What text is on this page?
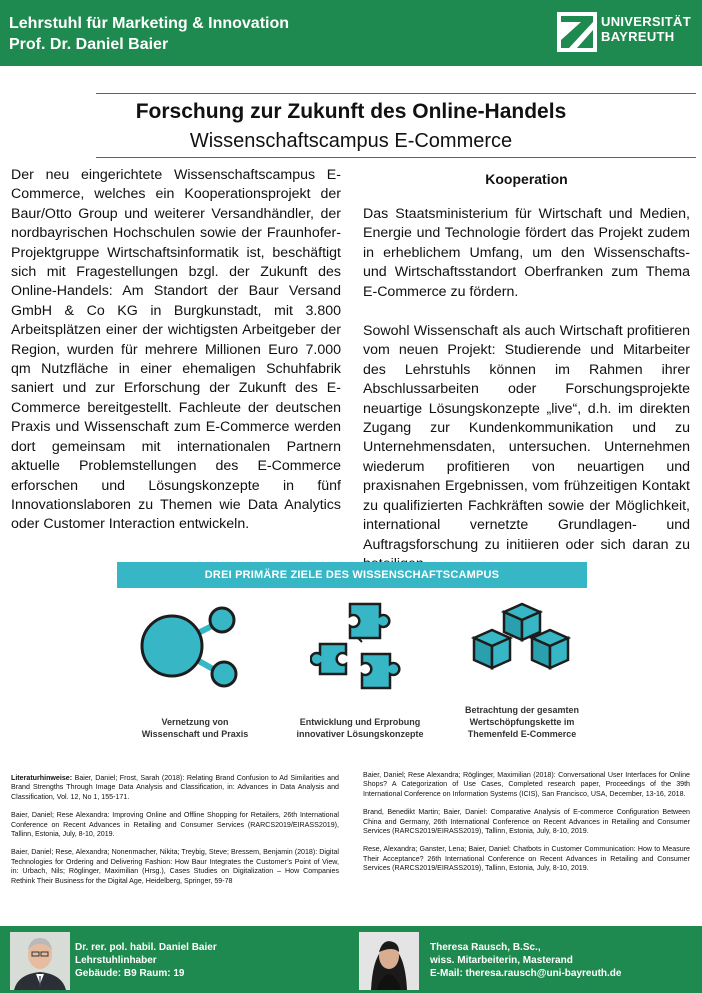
Lehrstuhl für Marketing & Innovation
Prof. Dr. Daniel Baier
UNIVERSITÄT
BAYREUTH
Forschung zur Zukunft des Online-Handels
Wissenschaftscampus E-Commerce
Der neu eingerichtete Wissenschaftscampus E-Commerce, welches ein Kooperationsprojekt der Baur/Otto Group und weiterer Versandhändler, der nordbayrischen Hochschulen sowie der Fraunhofer-Projektgruppe Wirtschaftsinformatik ist, beschäftigt sich mit Fragestellungen bzgl. der Zukunft des Online-Handels: Am Standort der Baur Versand GmbH & Co KG in Burgkunstadt, mit 3.800 Arbeitsplätzen einer der wichtigsten Arbeitgeber der Region, wurden für mehrere Millionen Euro 7.000 qm Nutzfläche in einer ehemaligen Schuhfabrik saniert und zur Erforschung der Zukunft des E-Commerce bereitgestellt. Fachleute der deutschen Praxis und Wissenschaft zum E-Commerce werden dort gemeinsam mit internationalen Partnern aktuelle Problemstellungen des E-Commerce erforschen und Lösungskonzepte in fünf Innovationslaboren zu Themen wie Data Analytics oder Customer Interaction entwickeln.
Kooperation

Das Staatsministerium für Wirtschaft und Medien, Energie und Technologie fördert das Projekt zudem in erheblichem Umfang, um den Wissenschafts- und Wirtschaftsstandort Oberfranken zum Thema E-Commerce zu fördern.

Sowohl Wissenschaft als auch Wirtschaft profitieren vom neuen Projekt: Studierende und Mitarbeiter des Lehrstuhls können im Rahmen ihrer Abschlussarbeiten oder Forschungsprojekte neuartige Lösungskonzepte „live“, d.h. im direkten Zugang zur Kundenkommunikation und zu Unternehmensdaten, untersuchen. Unternehmen wiederum profitieren von neuartigen und praxisnahen Ergebnissen, vom frühzeitigen Kontakt zu qualifizierten Fachkräften sowie der Möglichkeit, international vernetzte Grundlagen- und Auftragsforschung zu initiieren oder sich daran zu

DREI PRIMÄRE ZIELE DES WISSENSCHAFTSCAMPUS
Vernetzung von
Wissenschaft und Praxis
Entwicklung und Erprobung
innovativer Lösungskonzepte
Betrachtung der gesamten
Wertschöpfungskette im
Themenfeld E-Commerce

Literaturhinweise: Baier, Daniel; Frost, Sarah (2018): Relating Brand Confusion to Ad Similarities and Brand Strengths Through Image Data Analysis and Classification, in: Advances in Data Analysis and Classification, Vol. 12, No 1, 155-171.

Baier, Daniel; Rese Alexandra: Improving Online and Offline Shopping for Retailers, 26th International Conference on Recent Advances in Retailing and Consumer Services (RARCS2019/EIRASS2019), Tallinn, Estonia, July, 8-10, 2019.

Baier, Daniel; Rese, Alexandra; Nonenmacher, Nikita; Treybig, Steve; Bressem, Benjamin (2018): Digital Technologies for Ordering and Delivering Fashion: How Baur Integrates the Customer’s Point of View, in: Urbach, Nils; Röglinger, Maximilian (Hrsg.), Cases Studies on Digitalization – How Companies Rethink Their Business for the Digital Age, Heidelberg, Springer, 59-78

Baier, Daniel; Rese Alexandra; Röglinger, Maximilian (2018): Conversational User Interfaces for Online Shops? A Categorization of Use Cases, Completed research paper, Proceedings of the 39th International Conference on Information Systems (ICIS), San Francisco, USA, December, 13-16, 2018.

Brand, Benedikt Martin; Baier, Daniel: Comparative Analysis of E-commerce Configuration Between China and Germany, 26th International Conference on Recent Advances in Retailing and Consumer Services (RARCS2019/EIRASS2019), Tallinn, Estonia, July, 8-10, 2019.

Rese, Alexandra; Ganster, Lena; Baier, Daniel: Chatbots in Customer Communication: How to Measure Their Acceptance? 26th International Conference on Recent Advances in Retailing and Consumer Services (RARCS2019/EIRASS2019), Tallinn, Estonia, July, 8-10, 2019.

Dr. rer. pol. habil. Daniel Baier
Lehrstuhlinhaber
Gebäude: B9 Raum: 19
Theresa Rausch, B.Sc.,
wiss. Mitarbeiterin, Masterand
E-Mail: theresa.rausch@uni-bayreuth.de
